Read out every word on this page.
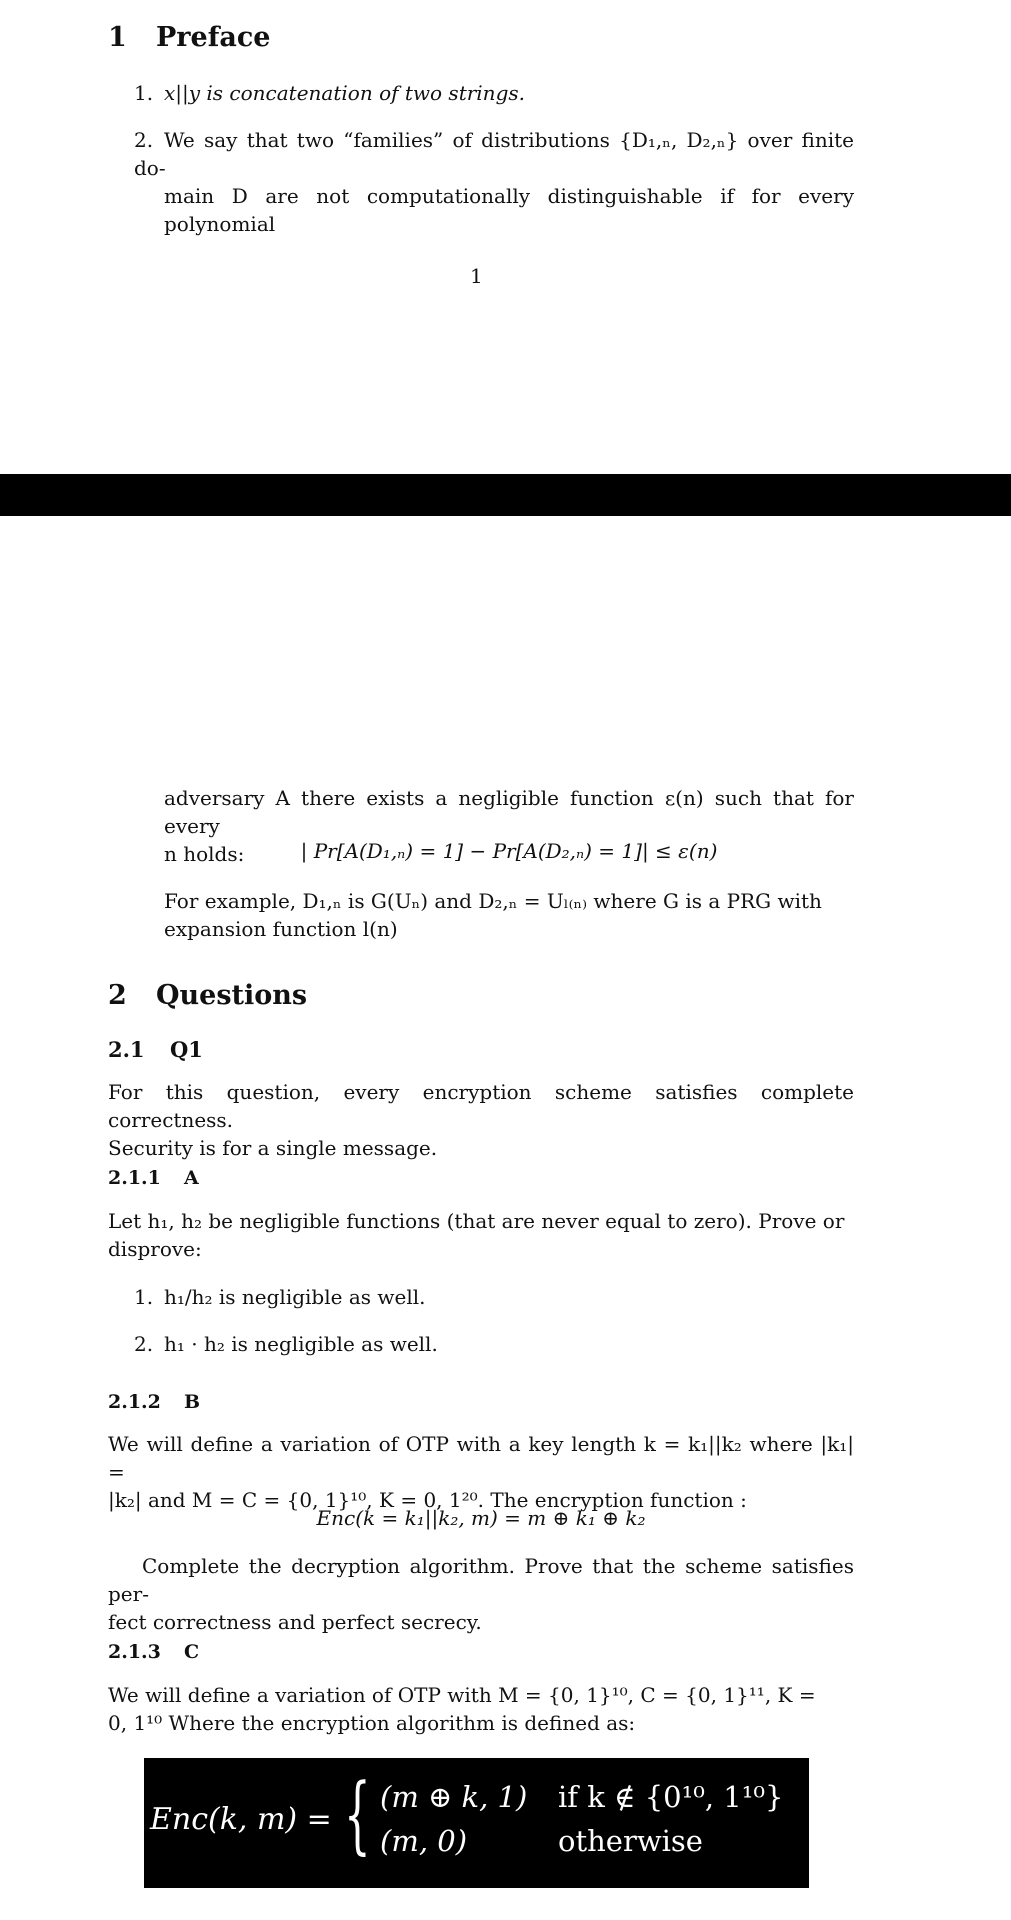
1 Preface
1. x||y is concatenation of two strings.
2. We say that two “families” of distributions {D₁,ₙ, D₂,ₙ} over finite do-
main D are not computationally distinguishable if for every polynomial
1
adversary A there exists a negligible function ε(n) such that for every
n holds:	| Pr[A(D₁,ₙ) = 1] − Pr[A(D₂,ₙ) = 1]| ≤ ε(n)
For example, D₁,ₙ is G(Uₙ) and D₂,ₙ = Uₗ₍ₙ₎ where G is a PRG with
expansion function l(n)
2 Questions
2.1 Q1
For this question, every encryption scheme satisfies complete correctness.
Security is for a single message.
2.1.1 A
Let h₁, h₂ be negligible functions (that are never equal to zero). Prove or
disprove:
1. h₁/h₂ is negligible as well.
2. h₁ · h₂ is negligible as well.
2.1.2 B
We will define a variation of OTP with a key length k = k₁||k₂ where |k₁| =
|k₂| and M = C = {0, 1}¹⁰, K = 0, 1²⁰. The encryption function :
Enc(k = k₁||k₂, m) = m ⊕ k₁ ⊕ k₂
Complete the decryption algorithm. Prove that the scheme satisfies per-
fect correctness and perfect secrecy.
2.1.3 C
We will define a variation of OTP with M = {0, 1}¹⁰, C = {0, 1}¹¹, K =
0, 1¹⁰ Where the encryption algorithm is defined as:
Enc(k, m) = { (m ⊕ k, 1) if k ∉ {0¹⁰, 1¹⁰}
(m, 0)	otherwise
